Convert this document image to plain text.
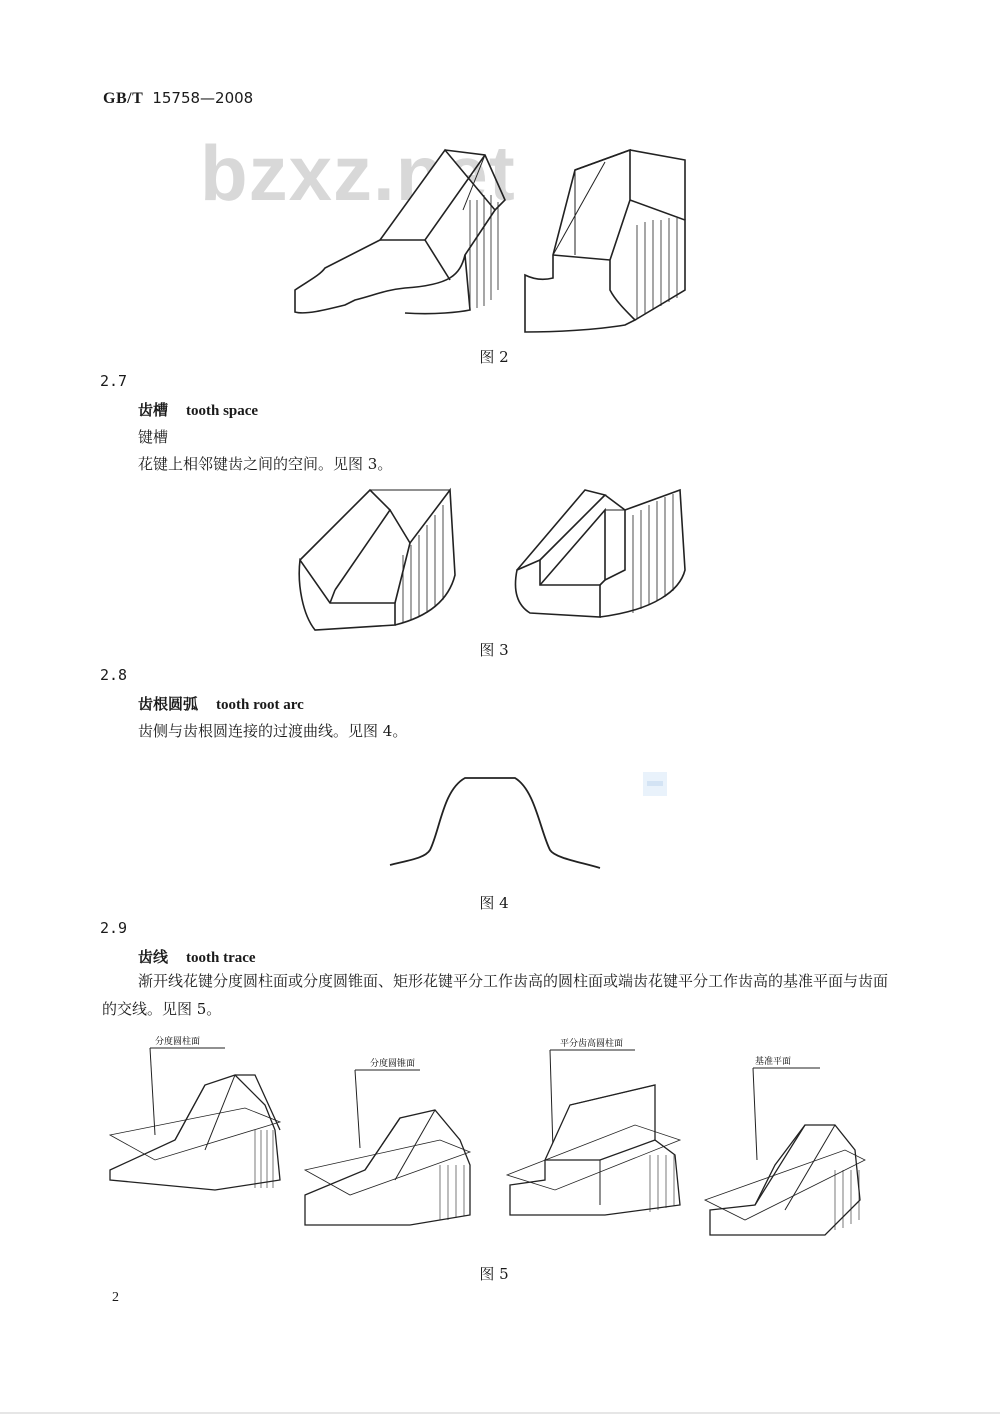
GB/T 15758—2008
bzxz.net
图 2
2.7
齿槽 tooth space
键槽
花键上相邻键齿之间的空间。见图 3。
图 3
2.8
齿根圆弧 tooth root arc
齿侧与齿根圆连接的过渡曲线。见图 4。
图 4
2.9
齿线 tooth trace
渐开线花键分度圆柱面或分度圆锥面、矩形花键平分工作齿高的圆柱面或端齿花键平分工作齿高的基准平面与齿面的交线。见图 5。
分度圆柱面
分度圆锥面
平分齿高圆柱面
基准平面
图 5
2
